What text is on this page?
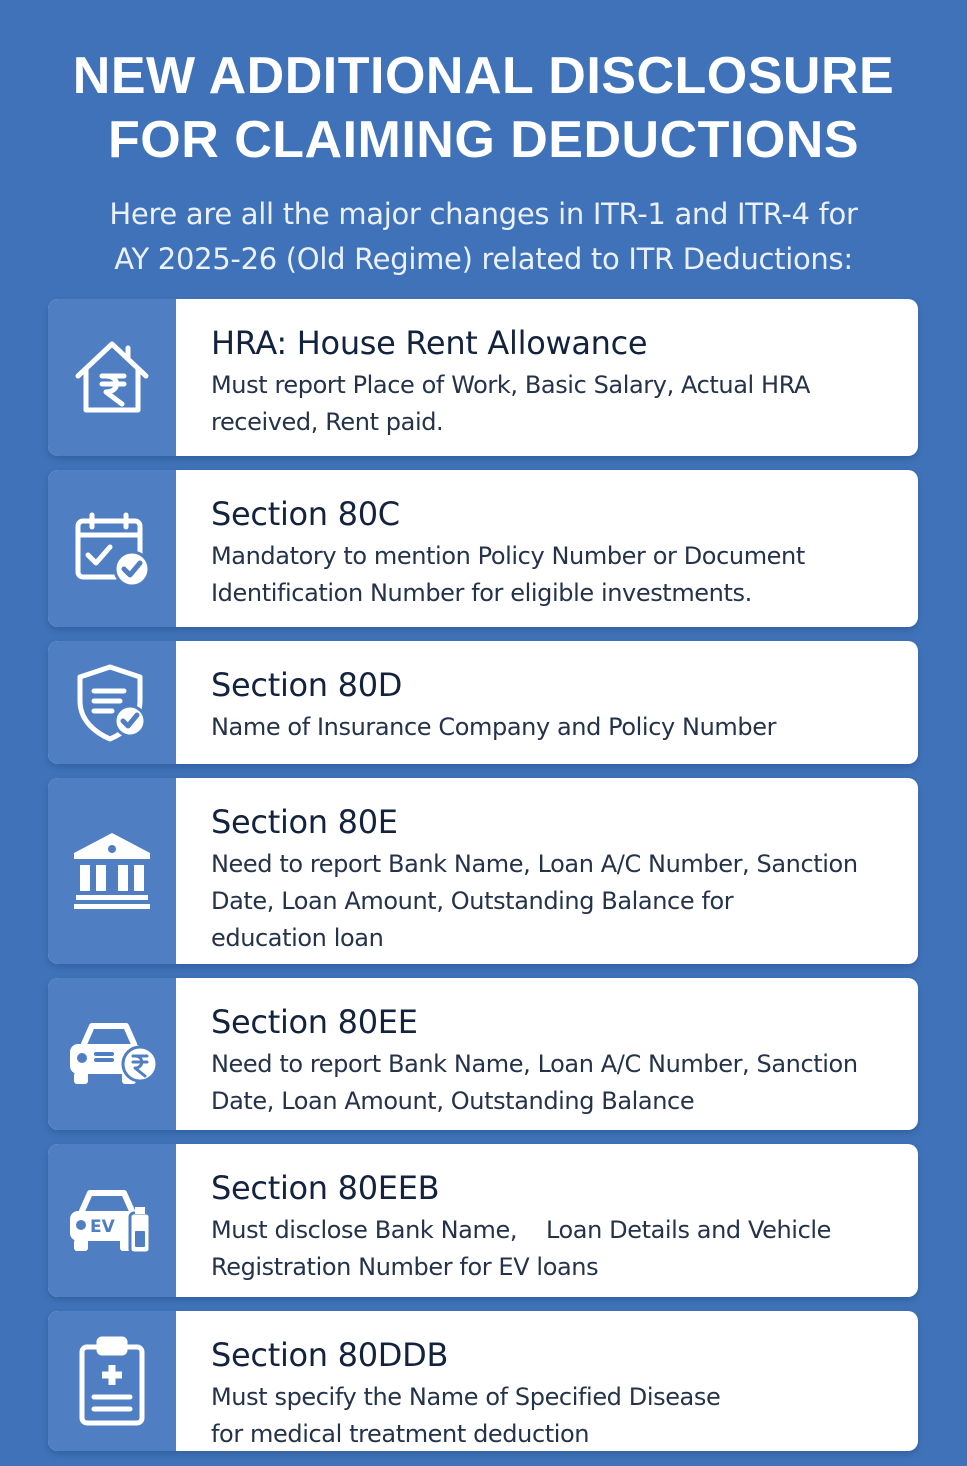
NEW ADDITIONAL DISCLOSURE
FOR CLAIMING DEDUCTIONS
Here are all the major changes in ITR-1 and ITR-4 for
AY 2025-26 (Old Regime) related to ITR Deductions:
HRA: House Rent Allowance
Must report Place of Work, Basic Salary, Actual HRA
received, Rent paid.
Section 80C
Mandatory to mention Policy Number or Document
Identification Number for eligible investments.
Section 80D
Name of Insurance Company and Policy Number
Section 80E
Need to report Bank Name, Loan A/C Number, Sanction
Date, Loan Amount, Outstanding Balance for
education loan
Section 80EE
Need to report Bank Name, Loan A/C Number, Sanction
Date, Loan Amount, Outstanding Balance
EV
Section 80EEB
Must disclose Bank Name,    Loan Details and Vehicle
Registration Number for EV loans
Section 80DDB
Must specify the Name of Specified Disease
for medical treatment deduction
